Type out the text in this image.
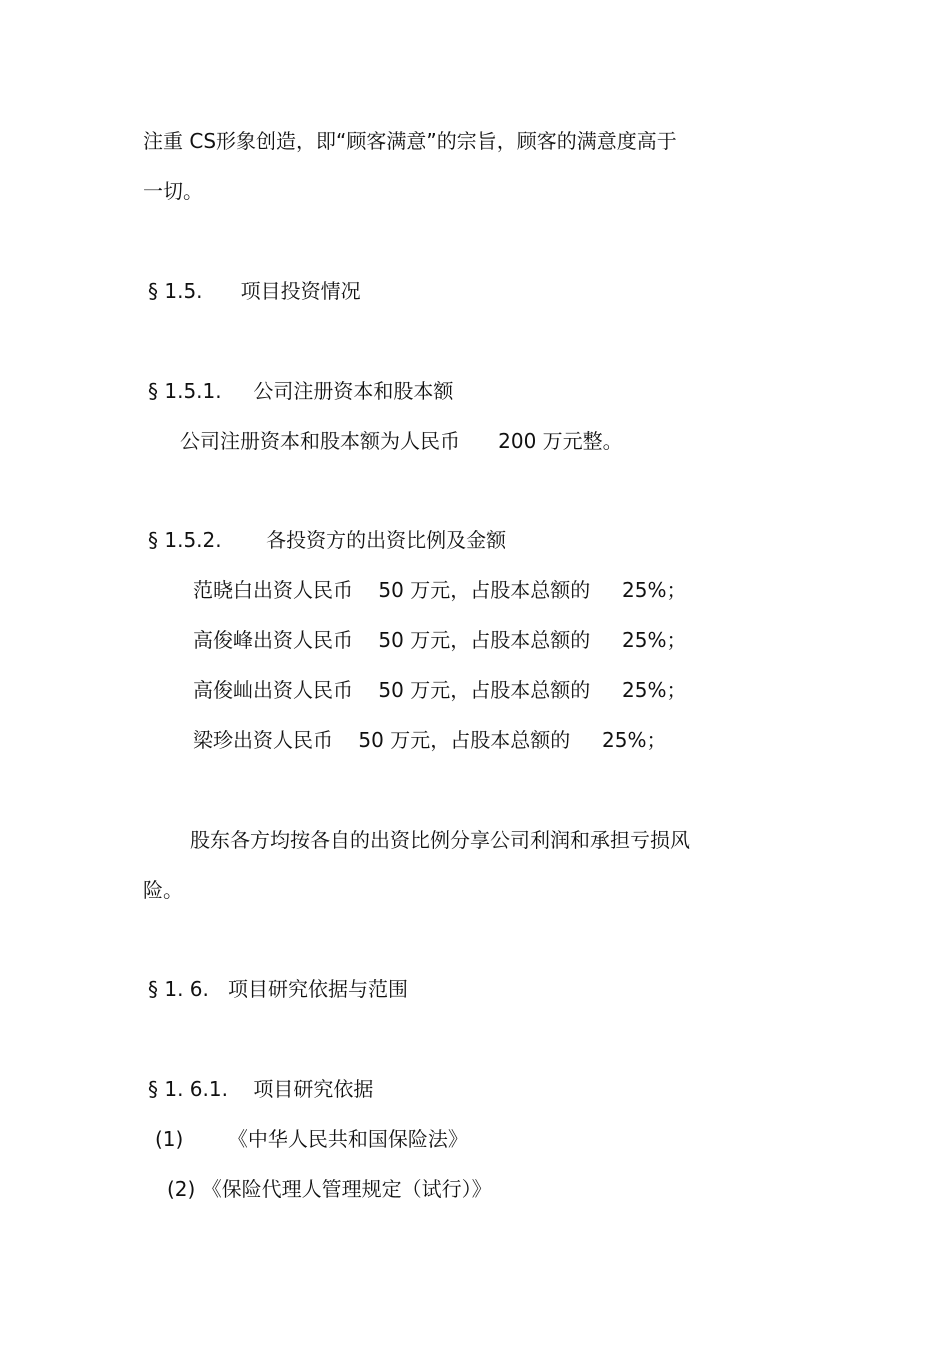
注重 CS形象创造，即“顾客满意”的宗旨，顾客的满意度高于
一切。
§ 1.5.      项目投资情况
§ 1.5.1.     公司注册资本和股本额
公司注册资本和股本额为人民币      200 万元整。
§ 1.5.2.       各投资方的出资比例及金额
范晓白出资人民币    50 万元，占股本总额的     25%；
高俊峰出资人民币    50 万元，占股本总额的     25%；
高俊屾出资人民币    50 万元，占股本总额的     25%；
梁珍出资人民币    50 万元，占股本总额的     25%；
股东各方均按各自的出资比例分享公司利润和承担亏损风
险。
§ 1. 6.   项目研究依据与范围
§ 1. 6.1.    项目研究依据
(1)       《中华人民共和国保险法》
(2) 《保险代理人管理规定（试行）》
